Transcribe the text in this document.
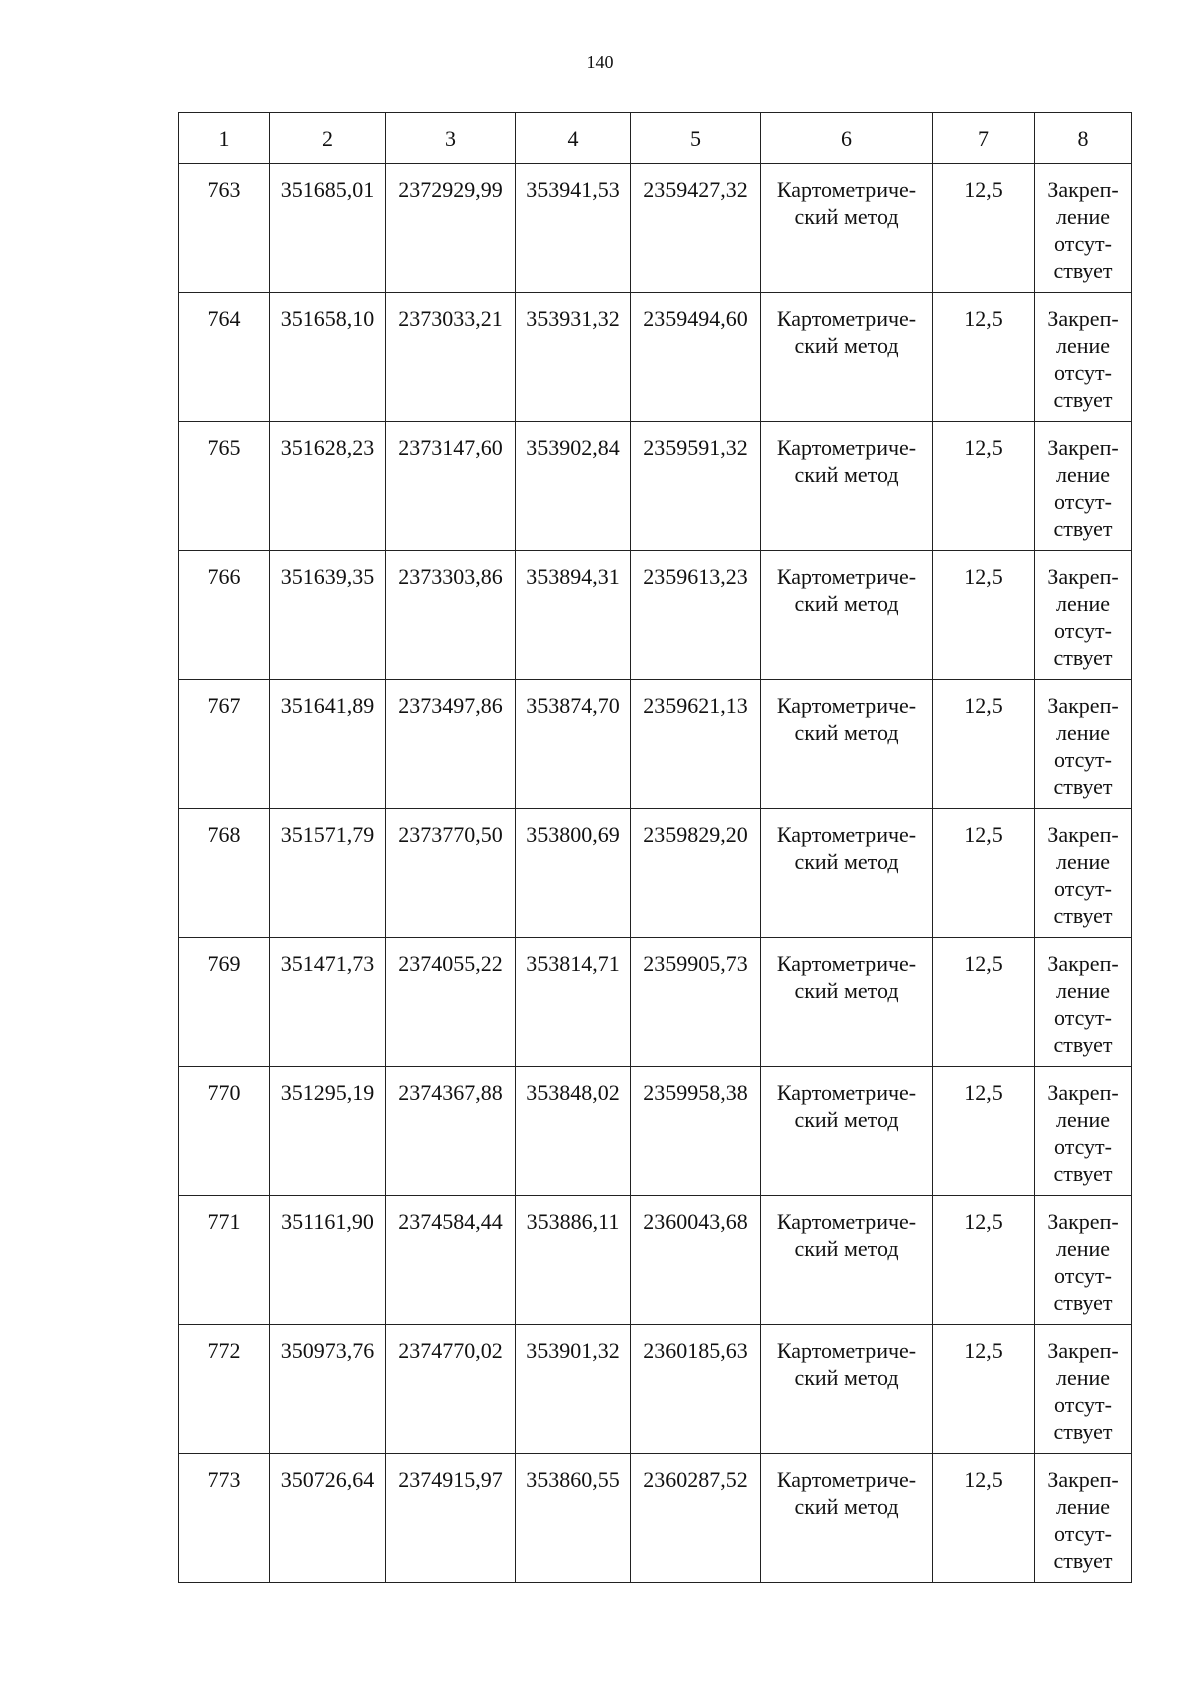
140
1	2	3	4	5	6	7	8
763	351685,01	2372929,99	353941,53	2359427,32	Картометриче-
ский метод	12,5	Закреп-
ление
отсут-
ствует

764	351658,10	2373033,21	353931,32	2359494,60	Картометриче-
ский метод	12,5	Закреп-
ление
отсут-
ствует

765	351628,23	2373147,60	353902,84	2359591,32	Картометриче-
ский метод	12,5	Закреп-
ление
отсут-
ствует

766	351639,35	2373303,86	353894,31	2359613,23	Картометриче-
ский метод	12,5	Закреп-
ление
отсут-
ствует

767	351641,89	2373497,86	353874,70	2359621,13	Картометриче-
ский метод	12,5	Закреп-
ление
отсут-
ствует

768	351571,79	2373770,50	353800,69	2359829,20	Картометриче-
ский метод	12,5	Закреп-
ление
отсут-
ствует

769	351471,73	2374055,22	353814,71	2359905,73	Картометриче-
ский метод	12,5	Закреп-
ление
отсут-
ствует

770	351295,19	2374367,88	353848,02	2359958,38	Картометриче-
ский метод	12,5	Закреп-
ление
отсут-
ствует

771	351161,90	2374584,44	353886,11	2360043,68	Картометриче-
ский метод	12,5	Закреп-
ление
отсут-
ствует

772	350973,76	2374770,02	353901,32	2360185,63	Картометриче-
ский метод	12,5	Закреп-
ление
отсут-
ствует

773	350726,64	2374915,97	353860,55	2360287,52	Картометриче-
ский метод	12,5	Закреп-
ление
отсут-
ствует
